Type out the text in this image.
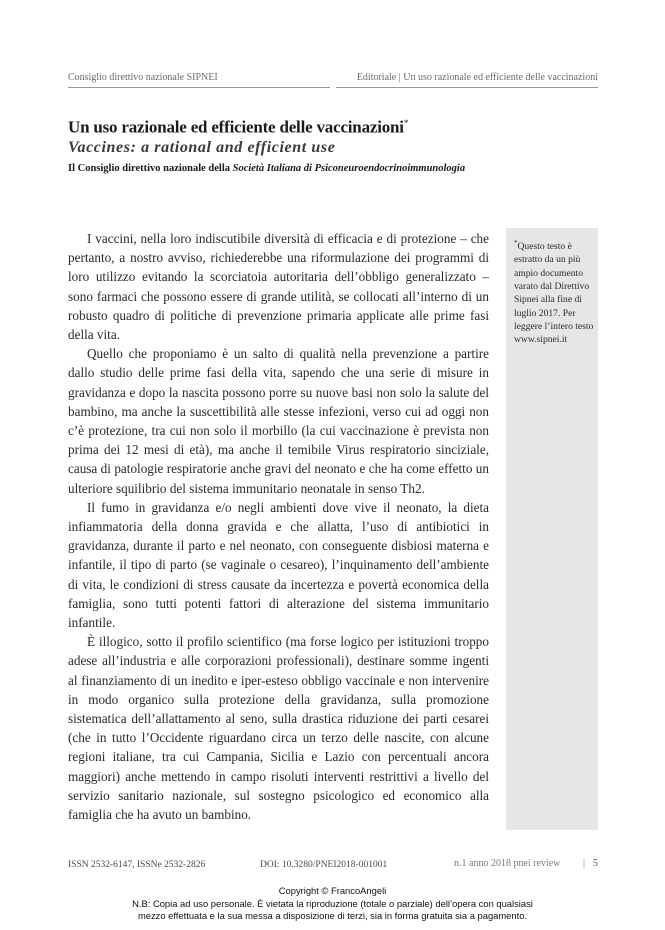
Consiglio direttivo nazionale SIPNEI	Editoriale | Un uso razionale ed efficiente delle vaccinazioni
Un uso razionale ed efficiente delle vaccinazioni*
Vaccines: a rational and efficient use

Il Consiglio direttivo nazionale della Società Italiana di Psiconeuroendocrinoimmunologia

I vaccini, nella loro indiscutibile diversità di efficacia e di protezione – che pertanto, a nostro avviso, richiederebbe una riformulazione dei programmi di loro utilizzo evitando la scorciatoia autoritaria dell’obbligo generalizzato – sono farmaci che possono essere di grande utilità, se collocati all’interno di un robusto quadro di politiche di prevenzione primaria applicate alle prime fasi della vita.

Quello che proponiamo è un salto di qualità nella prevenzione a partire dallo studio delle prime fasi della vita, sapendo che una serie di misure in gravidanza e dopo la nascita possono porre su nuove basi non solo la salute del bambino, ma anche la suscettibilità alle stesse infezioni, verso cui ad oggi non c’è protezione, tra cui non solo il morbillo (la cui vaccinazione è prevista non prima dei 12 mesi di età), ma anche il temibile Virus respiratorio sinciziale, causa di patologie respiratorie anche gravi del neonato e che ha come effetto un ulteriore squilibrio del sistema immunitario neonatale in senso Th2.

Il fumo in gravidanza e/o negli ambienti dove vive il neonato, la dieta infiammatoria della donna gravida e che allatta, l’uso di antibiotici in gravidanza, durante il parto e nel neonato, con conseguente disbiosi materna e infantile, il tipo di parto (se vaginale o cesareo), l’inquinamento dell’ambiente di vita, le condizioni di stress causate da incertezza e povertà economica della famiglia, sono tutti potenti fattori di alterazione del sistema immunitario infantile.

È illogico, sotto il profilo scientifico (ma forse logico per istituzioni troppo adese all’industria e alle corporazioni professionali), destinare somme ingenti al finanziamento di un inedito e iper-esteso obbligo vaccinale e non intervenire in modo organico sulla protezione della gravidanza, sulla promozione sistematica dell’allattamento al seno, sulla drastica riduzione dei parti cesarei (che in tutto l’Occidente riguardano circa un terzo delle nascite, con alcune regioni italiane, tra cui Campania, Sicilia e Lazio con percentuali ancora maggiori) anche mettendo in campo risoluti interventi restrittivi a livello del servizio sanitario nazionale, sul sostegno psicologico ed economico alla famiglia che ha avuto un bambino.

*Questo testo è estratto da un più ampio documento varato dal Direttivo Sipnei alla fine di luglio 2017. Per leggere l’intero testo www.sipnei.it
ISSN 2532-6147, ISSNe 2532-2826	DOI: 10.3280/PNEI2018-001001	n.1 anno 2018 pnei review | 5
Copyright © FrancoAngeli
N.B: Copia ad uso personale. È vietata la riproduzione (totale o parziale) dell’opera con qualsiasi
mezzo effettuata e la sua messa a disposizione di terzi, sia in forma gratuita sia a pagamento.
